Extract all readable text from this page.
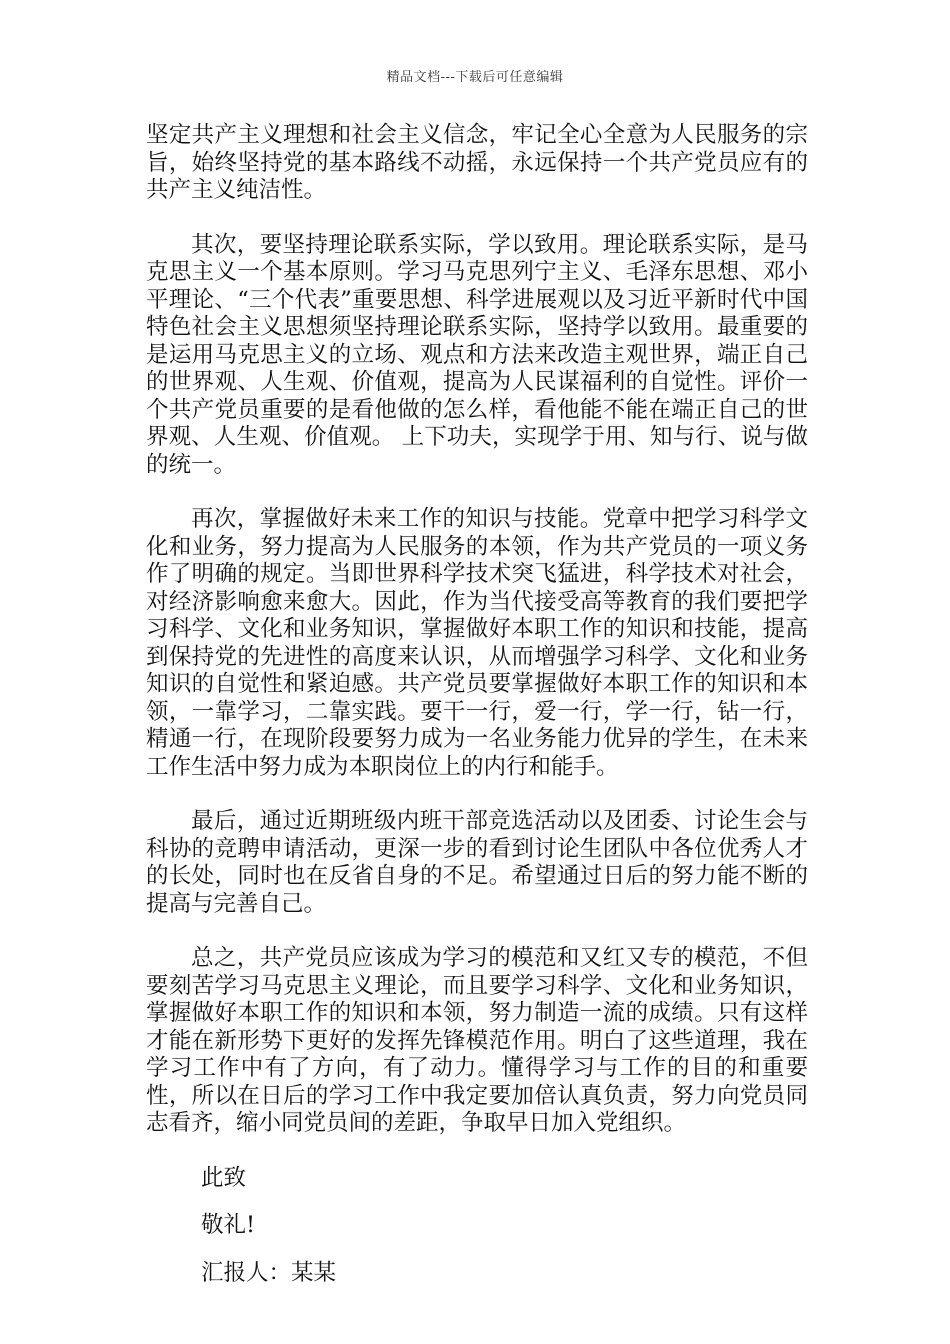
精品文档---下载后可任意编辑

坚定共产主义理想和社会主义信念，牢记全心全意为人民服务的宗旨，始终坚持党的基本路线不动摇，永远保持一个共产党员应有的共产主义纯洁性。

其次，要坚持理论联系实际，学以致用。理论联系实际，是马克思主义一个基本原则。学习马克思列宁主义、毛泽东思想、邓小平理论、“三个代表”重要思想、科学进展观以及习近平新时代中国特色社会主义思想须坚持理论联系实际，坚持学以致用。最重要的是运用马克思主义的立场、观点和方法来改造主观世界，端正自己的世界观、人生观、价值观，提高为人民谋福利的自觉性。评价一个共产党员重要的是看他做的怎么样，看他能不能在端正自己的世界观、人生观、价值观。 上下功夫，实现学于用、知与行、说与做的统一。

再次，掌握做好未来工作的知识与技能。党章中把学习科学文化和业务，努力提高为人民服务的本领，作为共产党员的一项义务作了明确的规定。当即世界科学技术突飞猛进，科学技术对社会，对经济影响愈来愈大。因此，作为当代接受高等教育的我们要把学习科学、文化和业务知识，掌握做好本职工作的知识和技能，提高到保持党的先进性的高度来认识，从而增强学习科学、文化和业务知识的自觉性和紧迫感。共产党员要掌握做好本职工作的知识和本领，一靠学习，二靠实践。要干一行，爱一行，学一行，钻一行，精通一行，在现阶段要努力成为一名业务能力优异的学生，在未来工作生活中努力成为本职岗位上的内行和能手。

最后，通过近期班级内班干部竞选活动以及团委、讨论生会与科协的竞聘申请活动，更深一步的看到讨论生团队中各位优秀人才的长处，同时也在反省自身的不足。希望通过日后的努力能不断的提高与完善自己。

总之，共产党员应该成为学习的模范和又红又专的模范，不但要刻苦学习马克思主义理论，而且要学习科学、文化和业务知识，掌握做好本职工作的知识和本领，努力制造一流的成绩。只有这样才能在新形势下更好的发挥先锋模范作用。明白了这些道理，我在学习工作中有了方向，有了动力。懂得学习与工作的目的和重要性，所以在日后的学习工作中我定要加倍认真负责，努力向党员同志看齐，缩小同党员间的差距，争取早日加入党组织。

此致

敬礼!

汇报人：某某
